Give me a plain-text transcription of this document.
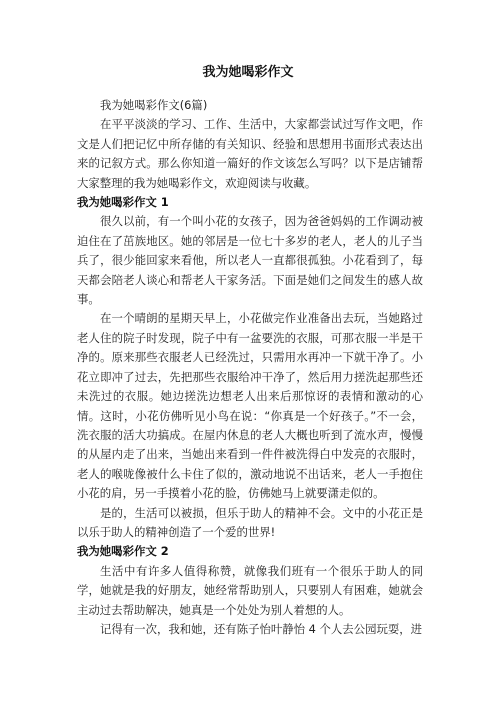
我为她喝彩作文

我为她喝彩作文(6篇)

在平平淡淡的学习、工作、生活中，大家都尝试过写作文吧，作文是人们把记忆中所存储的有关知识、经验和思想用书面形式表达出来的记叙方式。那么你知道一篇好的作文该怎么写吗？以下是店铺帮大家整理的我为她喝彩作文，欢迎阅读与收藏。

我为她喝彩作文 1

很久以前，有一个叫小花的女孩子，因为爸爸妈妈的工作调动被迫住在了茁族地区。她的邻居是一位七十多岁的老人，老人的儿子当兵了，很少能回家来看他，所以老人一直都很孤独。小花看到了，每天都会陪老人谈心和帮老人干家务活。下面是她们之间发生的感人故事。

在一个晴朗的星期天早上，小花做完作业准备出去玩，当她路过老人住的院子时发现，院子中有一盆要洗的衣服，可那衣服一半是干净的。原来那些衣服老人已经洗过，只需用水再冲一下就干净了。小花立即冲了过去，先把那些衣服给冲干净了，然后用力搓洗起那些还未洗过的衣服。她边搓洗边想老人出来后那惊讶的表情和激动的心情。这时，小花仿佛听见小鸟在说：“你真是一个好孩子。”不一会，洗衣服的活大功搞成。在屋内休息的老人大概也听到了流水声，慢慢的从屋内走了出来，当她出来看到一件件被洗得白中发亮的衣服时，老人的喉咙像被什么卡住了似的，激动地说不出话来，老人一手抱住小花的肩，另一手摸着小花的脸，仿佛她马上就要潇走似的。

是的，生活可以被损，但乐于助人的精神不会。文中的小花正是以乐于助人的精神创造了一个爱的世界!

我为她喝彩作文 2

生活中有许多人值得称赞，就像我们班有一个很乐于助人的同学，她就是我的好朋友，她经常帮助别人，只要别人有困难，她就会主动过去帮助解决，她真是一个处处为别人着想的人。

记得有一次，我和她，还有陈子怡叶静怡 4 个人去公园玩耍，进
